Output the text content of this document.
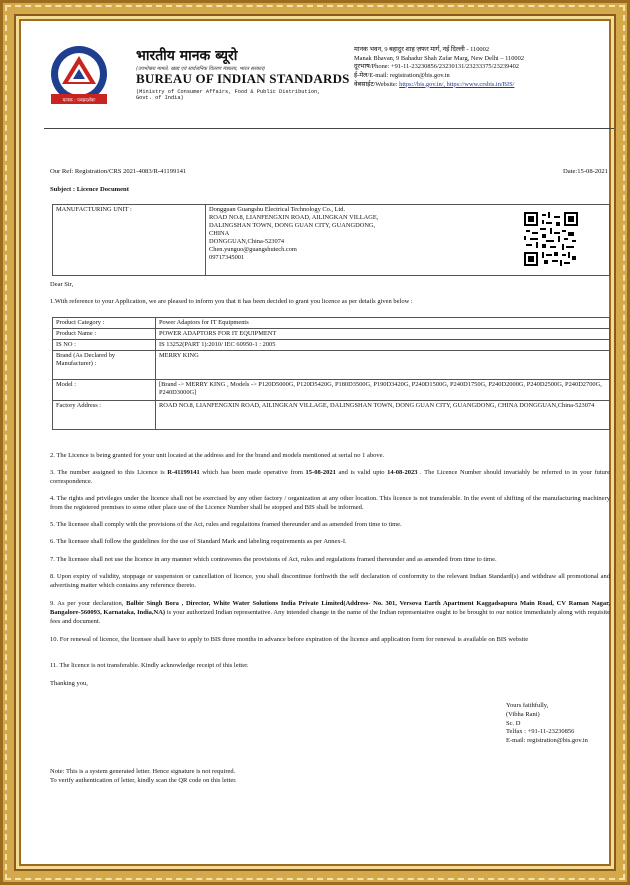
मानक : पथप्रदर्शकः
भारतीय मानक ब्यूरो
(उपभोक्ता मामले, खाद्य एवं सार्वजनिक वितरण मंत्रालय, भारत सरकार)
BUREAU OF INDIAN STANDARDS
(Ministry of Consumer Affairs, Food & Public Distribution, Govt. of India)
मानक भवन, 9 बहादुर शाह ज़फर मार्ग, नई दिल्ली - 110002
Manak Bhavan, 9 Bahadur Shah Zafar Marg, New Delhi – 110002
दूरभाष/Phone: +91-11-23230856/23230131/23233375/23239402
ई-मेल/E-mail: registration@bis.gov.in
वेबसाईट/Website: https://bis.gov.in/, https://www.crsbis.in/BIS/
Our Ref: Registration/CRS 2021-4083/R-41199141	Date:15-08-2021
Subject : Licence Document
MANUFACTURING UNIT :	Dongguan Guangshu Electrical Technology Co., Ltd.
ROAD NO.8, LIANFENGXIN ROAD, AILINGKAN VILLAGE,
DALINGSHAN TOWN, DONG GUAN CITY, GUANGDONG,
CHINA
DONGGUAN,China-523074
Chen.yunguo@guangshutech.com
09717345001

Dear Sir,
1.With reference to your Application, we are pleased to inform you that it has been decided to grant you licence as per details given below :
Product Category :	Power Adaptors for IT Equipments
Product Name :	POWER ADAPTORS FOR IT EQUIPMENT
IS NO :	IS 13252(PART 1):2010/ IEC 60950-1 : 2005
Brand (As Declared by Manufacturer) :	MERRY KING
Model :	[Brand -> MERRY KING , Models -> P120D5000G, P120D5420G, P180D3500G, P190D3420G, P240D1500G, P240D1750G, P240D2000G, P240D2500G, P240D2700G, P240D3000G]
Factory Address :	ROAD NO.8, LIANFENGXIN ROAD, AILINGKAN VILLAGE, DALINGSHAN TOWN, DONG GUAN CITY, GUANGDONG, CHINA DONGGUAN,China-523074
2. The Licence is being granted for your unit located at the address and for the brand and models mentioned at serial no 1 above.
3. The number assigned to this Licence is R-41199141 which has been made operative from 15-08-2021 and is valid upto 14-08-2023 . The Licence Number should invariably be referred to in your future correspondence.
4. The rights and privileges under the licence shall not be exercised by any other factory / organization at any other location. This licence is not transferable. In the event of shifting of the manufacturing machinery from the registered premises to some other place use of the Licence Number shall be stopped and BIS shall be informed.
5. The licensee shall comply with the provisions of the Act, rules and regulations framed thereunder and as amended from time to time.
6. The licensee shall follow the guidelines for the use of Standard Mark and labeling requirements as per Annex-I.
7. The licensee shall not use the licence in any manner which contravenes the provisions of Act, rules and regulations framed thereunder and as amended from time to time.
8. Upon expiry of validity, stoppage or suspension or cancellation of licence, you shall discontinue forthwith the self declaration of conformity to the relevant Indian Standard(s) and withdraw all promotional and advertising matter which contains any reference thereto.
9. As per your declaration, Balbir Singh Bora , Director, White Water Solutions India Private Limited(Address- No. 301, Versova Earth Apartment Kaggadsapura Main Road, CV Raman Nagar, Bangalore-560093, Karnataka, India,NA) is your authorized Indian representative. Any intended change in the name of the Indian representative ought to be brought to our notice immediately along with requisite fees and document.
10. For renewal of licence, the licensee shall have to apply to BIS three months in advance before expiration of the licence and application form for renewal is available on BIS website
11. The licence is not transferable. Kindly acknowledge receipt of this letter.
Thanking you,
Yours faithfully,
(Vibha Rani)
Sc. D
Telfax : +91-11-23230856
E-mail: registration@bis.gov.in
Note: This is a system generated letter. Hence signature is not required.
To verify authentication of letter, kindly scan the QR code on this letter.
